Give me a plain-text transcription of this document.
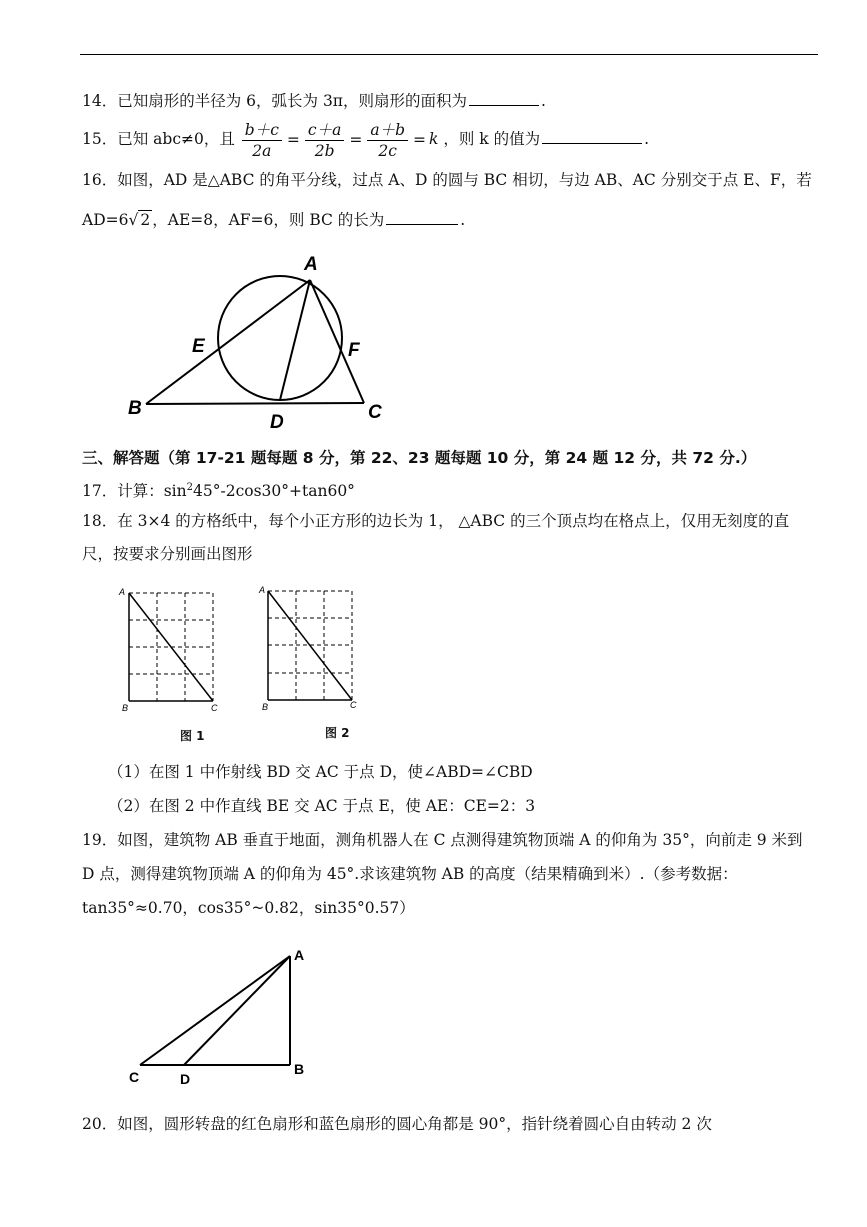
14．已知扇形的半径为 6，弧长为 3π，则扇形的面积为	.
15．已知 abc≠0，且 $\frac{b+c}{2a} = \frac{c+a}{2b} = \frac{a+b}{2c} = k$ ，则 k 的值为	.
16．如图，AD 是△ABC 的角平分线，过点 A、D 的圆与 BC 相切，与边 AB、AC 分别交于点 E、F，若
AD=6√ 2 ，AE=8，AF=6，则 BC 的长为	.
A
B	C
D
E	F
三、解答题（第 17-21 题每题 8 分，第 22、23 题每题 10 分，第 24 题 12 分，共 72 分.）
17．计算：$\sin^245^\circ-2\cos 30^\circ+\tan 60^\circ$
18．在 3×4 的方格纸中，每个小正方形的边长为 1， △ABC 的三个顶点均在格点上，仅用无刻度的直
尺，按要求分别画出图形
A
B	C
图 1
A
B	C
图 2
（1）在图 1 中作射线 BD 交 AC 于点 D，使∠ABD=∠CBD
（2）在图 2 中作直线 BE 交 AC 于点 E，使 AE：CE=2：3
19．如图，建筑物 AB 垂直于地面，测角机器人在 C 点测得建筑物顶端 A 的仰角为 35°，向前走 9 米到
D 点，测得建筑物顶端 A 的仰角为 45°.求该建筑物 AB 的高度（结果精确到米）.（参考数据：
tan35°≈0.70，cos35°~0.82，sin35°0.57）
A
B
C	D
20．如图，圆形转盘的红色扇形和蓝色扇形的圆心角都是 90°，指针绕着圆心自由转动 2 次
